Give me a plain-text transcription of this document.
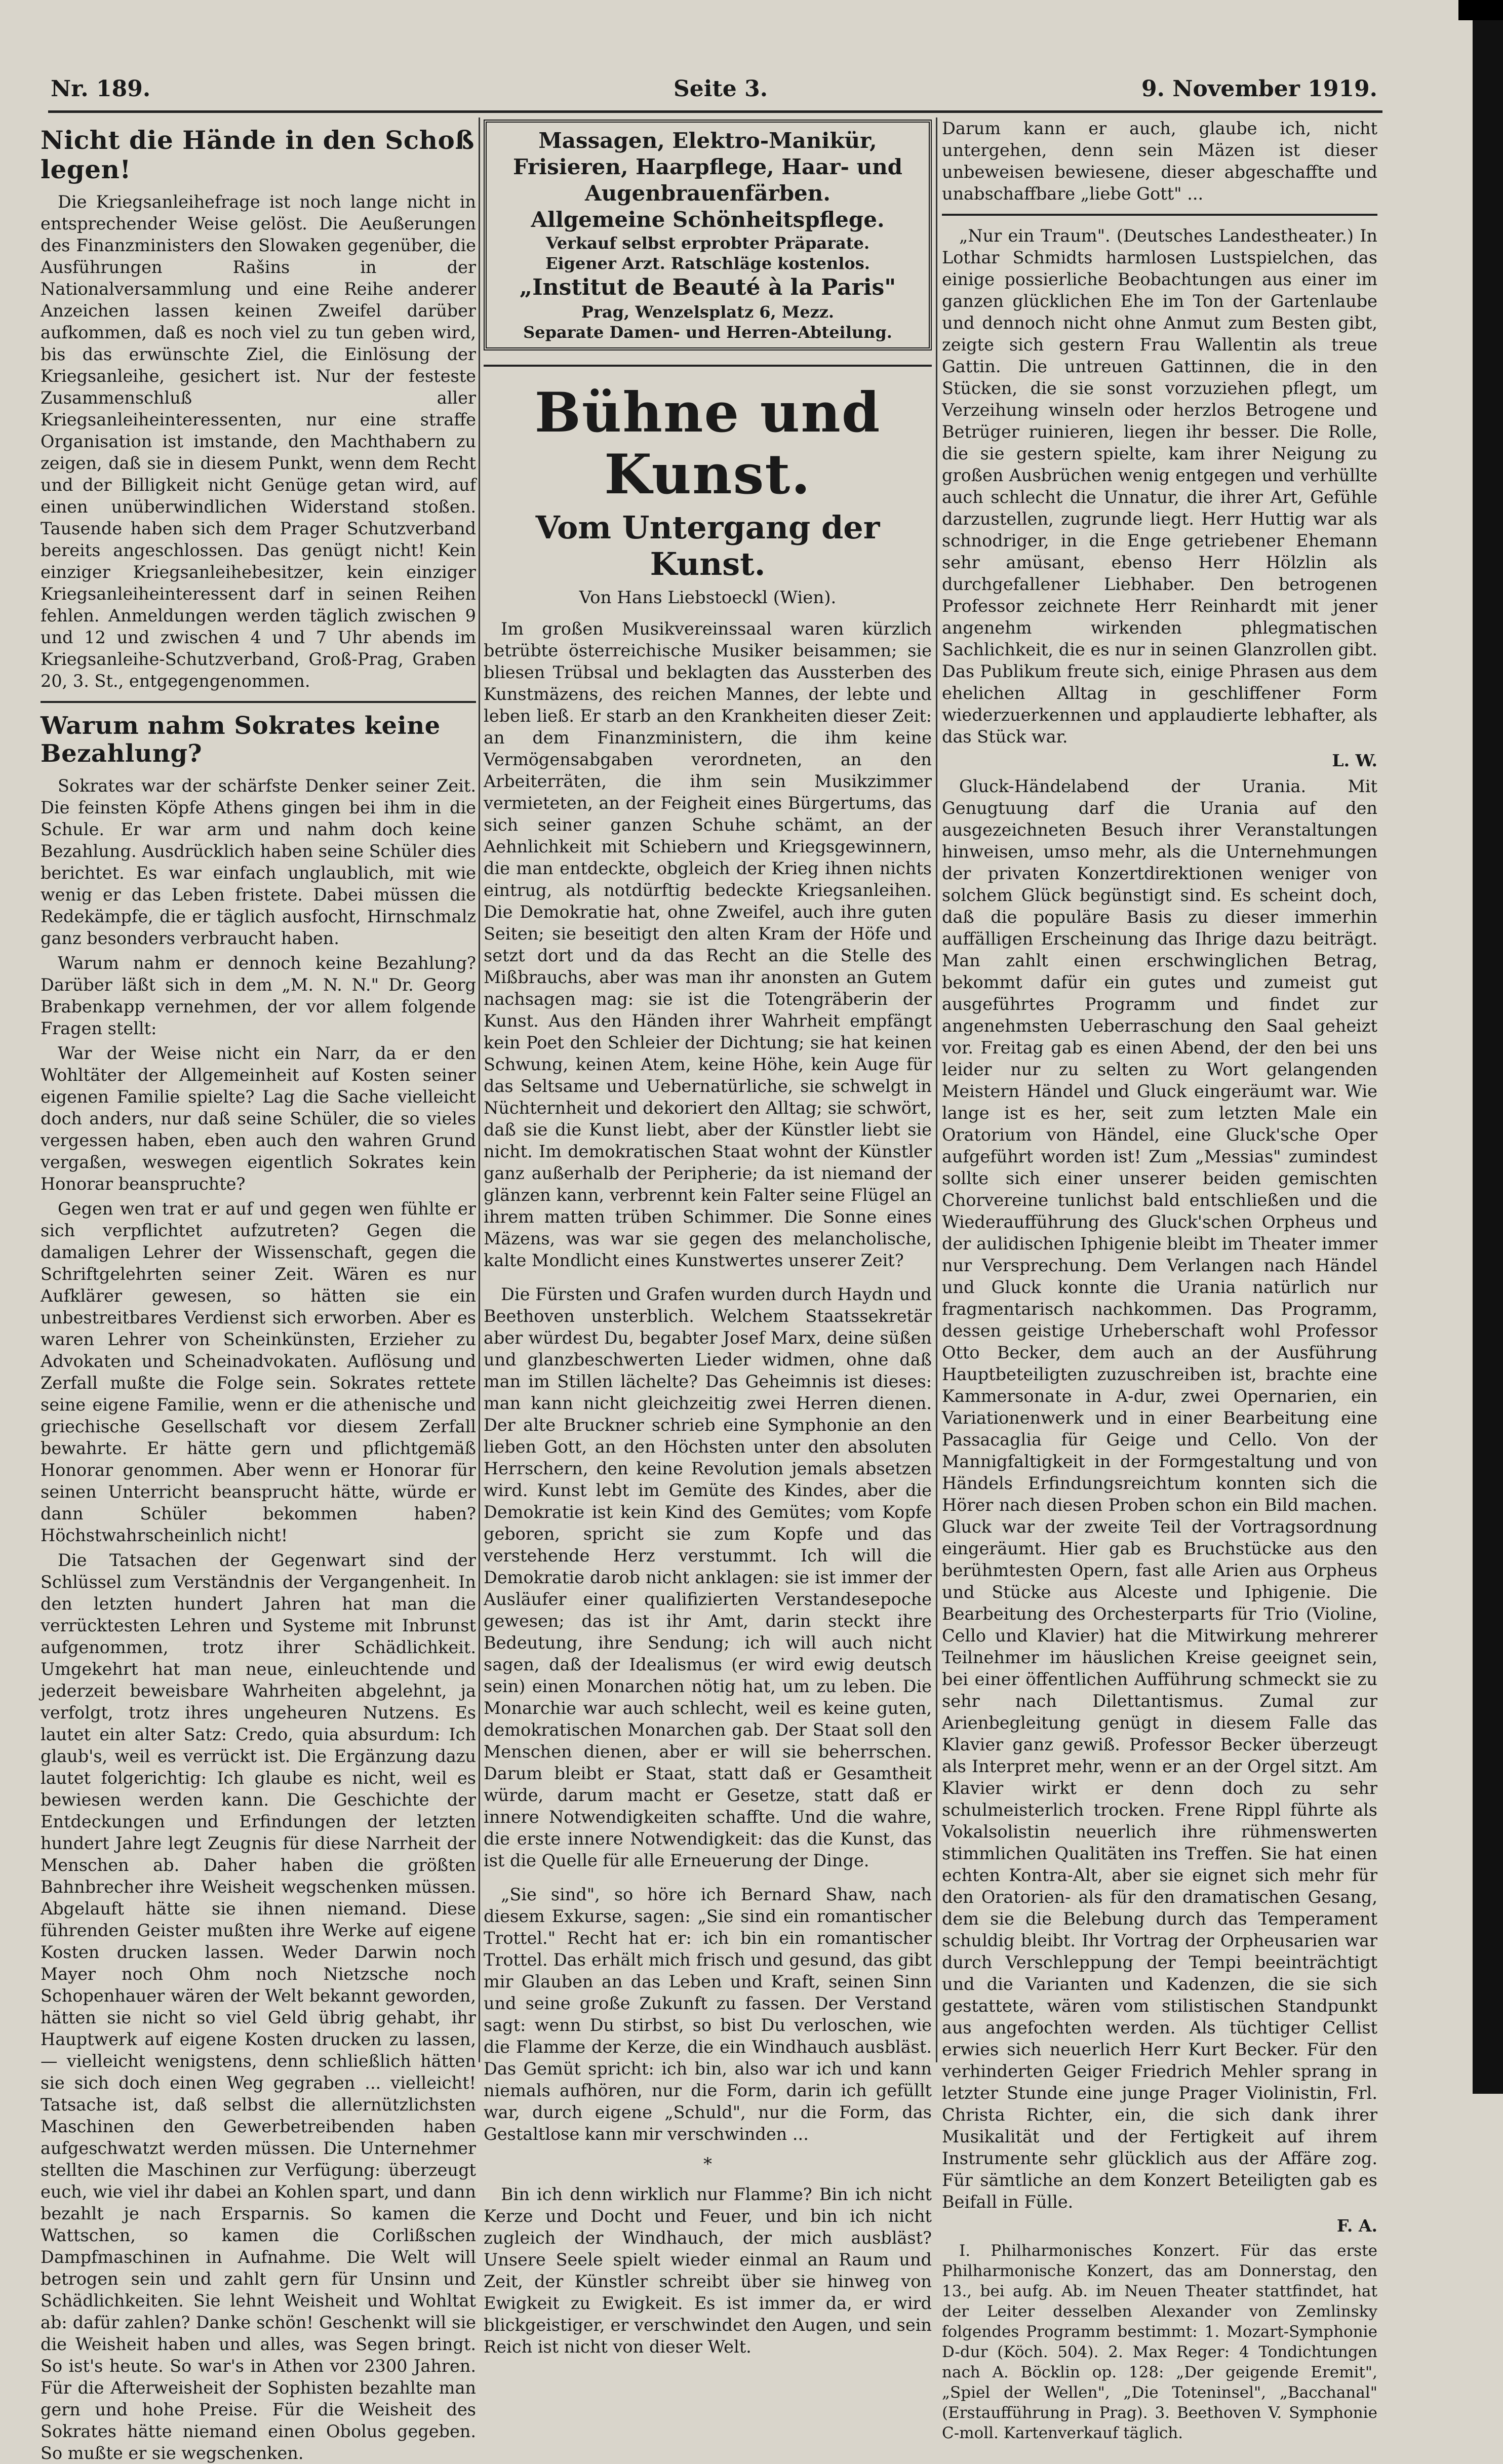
Nr. 189.	Seite 3.	9. November 1919.
Nicht die Hände in den Schoß legen!

Die Kriegsanleihefrage ist noch lange nicht in entsprechender Weise gelöst. Die Aeußerungen des Finanzministers den Slowaken gegenüber, die Ausführungen Rašins in der Nationalversammlung und eine Reihe anderer Anzeichen lassen keinen Zweifel darüber aufkommen, daß es noch viel zu tun geben wird, bis das erwünschte Ziel, die Einlösung der Kriegsanleihe, gesichert ist. Nur der festeste Zusammenschluß aller Kriegsanleiheinteressenten, nur eine straffe Organisation ist imstande, den Machthabern zu zeigen, daß sie in diesem Punkt, wenn dem Recht und der Billigkeit nicht Genüge getan wird, auf einen unüberwindlichen Widerstand stoßen. Tausende haben sich dem Prager Schutzverband bereits angeschlossen. Das genügt nicht! Kein einziger Kriegsanleihebesitzer, kein einziger Kriegsanleiheinteressent darf in seinen Reihen fehlen. Anmeldungen werden täglich zwischen 9 und 12 und zwischen 4 und 7 Uhr abends im Kriegsanleihe-Schutzverband, Groß-Prag, Graben 20, 3. St., entgegengenommen.

Warum nahm Sokrates keine Bezahlung?

Sokrates war der schärfste Denker seiner Zeit. Die feinsten Köpfe Athens gingen bei ihm in die Schule. Er war arm und nahm doch keine Bezahlung. Ausdrücklich haben seine Schüler dies berichtet. Es war einfach unglaublich, mit wie wenig er das Leben fristete. Dabei müssen die Redekämpfe, die er täglich ausfocht, Hirnschmalz ganz besonders verbraucht haben.

Warum nahm er dennoch keine Bezahlung? Darüber läßt sich in dem „M. N. N." Dr. Georg Brabenkapp vernehmen, der vor allem folgende Fragen stellt:

War der Weise nicht ein Narr, da er den Wohltäter der Allgemeinheit auf Kosten seiner eigenen Familie spielte? Lag die Sache vielleicht doch anders, nur daß seine Schüler, die so vieles vergessen haben, eben auch den wahren Grund vergaßen, weswegen eigentlich Sokrates kein Honorar beanspruchte?

Gegen wen trat er auf und gegen wen fühlte er sich verpflichtet aufzutreten? Gegen die damaligen Lehrer der Wissenschaft, gegen die Schriftgelehrten seiner Zeit. Wären es nur Aufklärer gewesen, so hätten sie ein unbestreitbares Verdienst sich erworben. Aber es waren Lehrer von Scheinkünsten, Erzieher zu Advokaten und Scheinadvokaten. Auflösung und Zerfall mußte die Folge sein. Sokrates rettete seine eigene Familie, wenn er die athenische und griechische Gesellschaft vor diesem Zerfall bewahrte. Er hätte gern und pflichtgemäß Honorar genommen. Aber wenn er Honorar für seinen Unterricht beansprucht hätte, würde er dann Schüler bekommen haben? Höchstwahrscheinlich nicht!

Die Tatsachen der Gegenwart sind der Schlüssel zum Verständnis der Vergangenheit. In den letzten hundert Jahren hat man die verrücktesten Lehren und Systeme mit Inbrunst aufgenommen, trotz ihrer Schädlichkeit. Umgekehrt hat man neue, einleuchtende und jederzeit beweisbare Wahrheiten abgelehnt, ja verfolgt, trotz ihres ungeheuren Nutzens. Es lautet ein alter Satz: Credo, quia absurdum: Ich glaub's, weil es verrückt ist. Die Ergänzung dazu lautet folgerichtig: Ich glaube es nicht, weil es bewiesen werden kann. Die Geschichte der Entdeckungen und Erfindungen der letzten hundert Jahre legt Zeugnis für diese Narrheit der Menschen ab. Daher haben die größten Bahnbrecher ihre Weisheit wegschenken müssen. Abgelauft hätte sie ihnen niemand. Diese führenden Geister mußten ihre Werke auf eigene Kosten drucken lassen. Weder Darwin noch Mayer noch Ohm noch Nietzsche noch Schopenhauer wären der Welt bekannt geworden, hätten sie nicht so viel Geld übrig gehabt, ihr Hauptwerk auf eigene Kosten drucken zu lassen, — vielleicht wenigstens, denn schließlich hätten sie sich doch einen Weg gegraben ... vielleicht! Tatsache ist, daß selbst die allernützlichsten Maschinen den Gewerbetreibenden haben aufgeschwatzt werden müssen. Die Unternehmer stellten die Maschinen zur Verfügung: überzeugt euch, wie viel ihr dabei an Kohlen spart, und dann bezahlt je nach Ersparnis. So kamen die Wattschen, so kamen die Corlißschen Dampfmaschinen in Aufnahme. Die Welt will betrogen sein und zahlt gern für Unsinn und Schädlichkeiten. Sie lehnt Weisheit und Wohltat ab: dafür zahlen? Danke schön! Geschenkt will sie die Weisheit haben und alles, was Segen bringt. So ist's heute. So war's in Athen vor 2300 Jahren. Für die Afterweisheit der Sophisten bezahlte man gern und hohe Preise. Für die Weisheit des Sokrates hätte niemand einen Obolus gegeben. So mußte er sie wegschenken.

Massagen, Elektro-Manikür, Frisieren, Haarpflege, Haar- und Augenbrauenfärben.
Allgemeine Schönheitspflege.
Verkauf selbst erprobter Präparate.
Eigener Arzt. Ratschläge kostenlos.
„Institut de Beauté à la Paris"
Prag, Wenzelsplatz 6, Mezz.
Separate Damen- und Herren-Abteilung.
Bühne und Kunst.
Vom Untergang der Kunst.
Von Hans Liebstoeckl (Wien).

Im großen Musikvereinssaal waren kürzlich betrübte österreichische Musiker beisammen; sie bliesen Trübsal und beklagten das Aussterben des Kunstmäzens, des reichen Mannes, der lebte und leben ließ. Er starb an den Krankheiten dieser Zeit: an dem Finanzministern, die ihm keine Vermögensabgaben verordneten, an den Arbeiterräten, die ihm sein Musikzimmer vermieteten, an der Feigheit eines Bürgertums, das sich seiner ganzen Schuhe schämt, an der Aehnlichkeit mit Schiebern und Kriegsgewinnern, die man entdeckte, obgleich der Krieg ihnen nichts eintrug, als notdürftig bedeckte Kriegsanleihen. Die Demokratie hat, ohne Zweifel, auch ihre guten Seiten; sie beseitigt den alten Kram der Höfe und setzt dort und da das Recht an die Stelle des Mißbrauchs, aber was man ihr anonsten an Gutem nachsagen mag: sie ist die Totengräberin der Kunst. Aus den Händen ihrer Wahrheit empfängt kein Poet den Schleier der Dichtung; sie hat keinen Schwung, keinen Atem, keine Höhe, kein Auge für das Seltsame und Uebernatürliche, sie schwelgt in Nüchternheit und dekoriert den Alltag; sie schwört, daß sie die Kunst liebt, aber der Künstler liebt sie nicht. Im demokratischen Staat wohnt der Künstler ganz außerhalb der Peripherie; da ist niemand der glänzen kann, verbrennt kein Falter seine Flügel an ihrem matten trüben Schimmer. Die Sonne eines Mäzens, was war sie gegen des melancholische, kalte Mondlicht eines Kunstwertes unserer Zeit?

Die Fürsten und Grafen wurden durch Haydn und Beethoven unsterblich. Welchem Staatssekretär aber würdest Du, begabter Josef Marx, deine süßen und glanzbeschwerten Lieder widmen, ohne daß man im Stillen lächelte? Das Geheimnis ist dieses: man kann nicht gleichzeitig zwei Herren dienen. Der alte Bruckner schrieb eine Symphonie an den lieben Gott, an den Höchsten unter den absoluten Herrschern, den keine Revolution jemals absetzen wird. Kunst lebt im Gemüte des Kindes, aber die Demokratie ist kein Kind des Gemütes; vom Kopfe geboren, spricht sie zum Kopfe und das verstehende Herz verstummt. Ich will die Demokratie darob nicht anklagen: sie ist immer der Ausläufer einer qualifizierten Verstandesepoche gewesen; das ist ihr Amt, darin steckt ihre Bedeutung, ihre Sendung; ich will auch nicht sagen, daß der Idealismus (er wird ewig deutsch sein) einen Monarchen nötig hat, um zu leben. Die Monarchie war auch schlecht, weil es keine guten, demokratischen Monarchen gab. Der Staat soll den Menschen dienen, aber er will sie beherrschen. Darum bleibt er Staat, statt daß er Gesamtheit würde, darum macht er Gesetze, statt daß er innere Notwendigkeiten schaffte. Und die wahre, die erste innere Notwendigkeit: das die Kunst, das ist die Quelle für alle Erneuerung der Dinge.

„Sie sind", so höre ich Bernard Shaw, nach diesem Exkurse, sagen: „Sie sind ein romantischer Trottel." Recht hat er: ich bin ein romantischer Trottel. Das erhält mich frisch und gesund, das gibt mir Glauben an das Leben und Kraft, seinen Sinn und seine große Zukunft zu fassen. Der Verstand sagt: wenn Du stirbst, so bist Du verloschen, wie die Flamme der Kerze, die ein Windhauch ausbläst. Das Gemüt spricht: ich bin, also war ich und kann niemals aufhören, nur die Form, darin ich gefüllt war, durch eigene „Schuld", nur die Form, das Gestaltlose kann mir verschwinden ...

*

Bin ich denn wirklich nur Flamme? Bin ich nicht Kerze und Docht und Feuer, und bin ich nicht zugleich der Windhauch, der mich ausbläst? Unsere Seele spielt wieder einmal an Raum und Zeit, der Künstler schreibt über sie hinweg von Ewigkeit zu Ewigkeit. Es ist immer da, er wird blickgeistiger, er verschwindet den Augen, und sein Reich ist nicht von dieser Welt.

Darum kann er auch, glaube ich, nicht untergehen, denn sein Mäzen ist dieser unbeweisen bewiesene, dieser abgeschaffte und unabschaffbare „liebe Gott" ...

„Nur ein Traum". (Deutsches Landestheater.) In Lothar Schmidts harmlosen Lustspielchen, das einige possierliche Beobachtungen aus einer im ganzen glücklichen Ehe im Ton der Gartenlaube und dennoch nicht ohne Anmut zum Besten gibt, zeigte sich gestern Frau Wallentin als treue Gattin. Die untreuen Gattinnen, die in den Stücken, die sie sonst vorzuziehen pflegt, um Verzeihung winseln oder herzlos Betrogene und Betrüger ruinieren, liegen ihr besser. Die Rolle, die sie gestern spielte, kam ihrer Neigung zu großen Ausbrüchen wenig entgegen und verhüllte auch schlecht die Unnatur, die ihrer Art, Gefühle darzustellen, zugrunde liegt. Herr Huttig war als schnodriger, in die Enge getriebener Ehemann sehr amüsant, ebenso Herr Hölzlin als durchgefallener Liebhaber. Den betrogenen Professor zeichnete Herr Reinhardt mit jener angenehm wirkenden phlegmatischen Sachlichkeit, die es nur in seinen Glanzrollen gibt. Das Publikum freute sich, einige Phrasen aus dem ehelichen Alltag in geschliffener Form wiederzuerkennen und applaudierte lebhafter, als das Stück war.

L. W.

Gluck-Händelabend der Urania. Mit Genugtuung darf die Urania auf den ausgezeichneten Besuch ihrer Veranstaltungen hinweisen, umso mehr, als die Unternehmungen der privaten Konzertdirektionen weniger von solchem Glück begünstigt sind. Es scheint doch, daß die populäre Basis zu dieser immerhin auffälligen Erscheinung das Ihrige dazu beiträgt. Man zahlt einen erschwinglichen Betrag, bekommt dafür ein gutes und zumeist gut ausgeführtes Programm und findet zur angenehmsten Ueberraschung den Saal geheizt vor. Freitag gab es einen Abend, der den bei uns leider nur zu selten zu Wort gelangenden Meistern Händel und Gluck eingeräumt war. Wie lange ist es her, seit zum letzten Male ein Oratorium von Händel, eine Gluck'sche Oper aufgeführt worden ist! Zum „Messias" zumindest sollte sich einer unserer beiden gemischten Chorvereine tunlichst bald entschließen und die Wiederaufführung des Gluck'schen Orpheus und der aulidischen Iphigenie bleibt im Theater immer nur Versprechung. Dem Verlangen nach Händel und Gluck konnte die Urania natürlich nur fragmentarisch nachkommen. Das Programm, dessen geistige Urheberschaft wohl Professor Otto Becker, dem auch an der Ausführung Hauptbeteiligten zuzuschreiben ist, brachte eine Kammersonate in A-dur, zwei Opernarien, ein Variationenwerk und in einer Bearbeitung eine Passacaglia für Geige und Cello. Von der Mannigfaltigkeit in der Formgestaltung und von Händels Erfindungsreichtum konnten sich die Hörer nach diesen Proben schon ein Bild machen. Gluck war der zweite Teil der Vortragsordnung eingeräumt. Hier gab es Bruchstücke aus den berühmtesten Opern, fast alle Arien aus Orpheus und Stücke aus Alceste und Iphigenie. Die Bearbeitung des Orchesterparts für Trio (Violine, Cello und Klavier) hat die Mitwirkung mehrerer Teilnehmer im häuslichen Kreise geeignet sein, bei einer öffentlichen Aufführung schmeckt sie zu sehr nach Dilettantismus. Zumal zur Arienbegleitung genügt in diesem Falle das Klavier ganz gewiß. Professor Becker überzeugt als Interpret mehr, wenn er an der Orgel sitzt. Am Klavier wirkt er denn doch zu sehr schulmeisterlich trocken. Frene Rippl führte als Vokalsolistin neuerlich ihre rühmenswerten stimmlichen Qualitäten ins Treffen. Sie hat einen echten Kontra-Alt, aber sie eignet sich mehr für den Oratorien- als für den dramatischen Gesang, dem sie die Belebung durch das Temperament schuldig bleibt. Ihr Vortrag der Orpheusarien war durch Verschleppung der Tempi beeinträchtigt und die Varianten und Kadenzen, die sie sich gestattete, wären vom stilistischen Standpunkt aus angefochten werden. Als tüchtiger Cellist erwies sich neuerlich Herr Kurt Becker. Für den verhinderten Geiger Friedrich Mehler sprang in letzter Stunde eine junge Prager Violinistin, Frl. Christa Richter, ein, die sich dank ihrer Musikalität und der Fertigkeit auf ihrem Instrumente sehr glücklich aus der Affäre zog. Für sämtliche an dem Konzert Beteiligten gab es Beifall in Fülle.

F. A.

I. Philharmonisches Konzert. Für das erste Philharmonische Konzert, das am Donnerstag, den 13., bei aufg. Ab. im Neuen Theater stattfindet, hat der Leiter desselben Alexander von Zemlinsky folgendes Programm bestimmt: 1. Mozart-Symphonie D-dur (Köch. 504). 2. Max Reger: 4 Tondichtungen nach A. Böcklin op. 128: „Der geigende Eremit", „Spiel der Wellen", „Die Toteninsel", „Bacchanal" (Erstaufführung in Prag). 3. Beethoven V. Symphonie C-moll. Kartenverkauf täglich.
